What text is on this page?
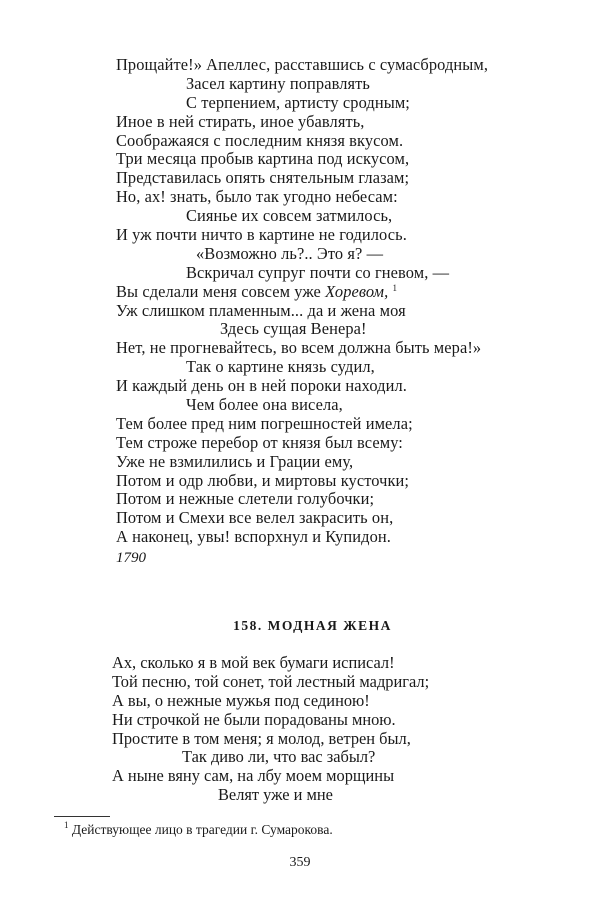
Прощайте!» Апеллес, расставшись с сумасбродным,
Засел картину поправлять
С терпением, артисту сродным;
Иное в ней стирать, иное убавлять,
Соображаяся с последним князя вкусом.
Три месяца пробыв картина под искусом,
Представилась опять снятельным глазам;
Но, ах! знать, было так угодно небесам:
Сиянье их совсем затмилось,
И уж почти ничто в картине не годилось.
«Возможно ль?.. Это я? —
Вскричал супруг почти со гневом, —
Вы сделали меня совсем уже Хоревом, $^1$
Уж слишком пламенным... да и жена моя
Здесь сущая Венера!
Нет, не прогневайтесь, во всем должна быть мера!»
Так о картине князь судил,
И каждый день он в ней пороки находил.
Чем более она висела,
Тем более пред ним погрешностей имела;
Тем строже перебор от князя был всему:
Уже не взмилились и Грации ему,
Потом и одр любви, и миртовы кусточки;
Потом и нежные слетели голубочки;
Потом и Смехи все велел закрасить он,
А наконец, увы! вспорхнул и Купидон.
1790
158. МОДНАЯ ЖЕНА
Ах, сколько я в мой век бумаги исписал!
Той песню, той сонет, той лестный мадригал;
А вы, о нежные мужья под сединою!
Ни строчкой не были порадованы мною.
Простите в том меня; я молод, ветрен был,
Так диво ли, что вас забыл?
А ныне вяну сам, на лбу моем морщины
Велят уже и мне
$^1$ Действующее лицо в трагедии г. Сумарокова.
359
